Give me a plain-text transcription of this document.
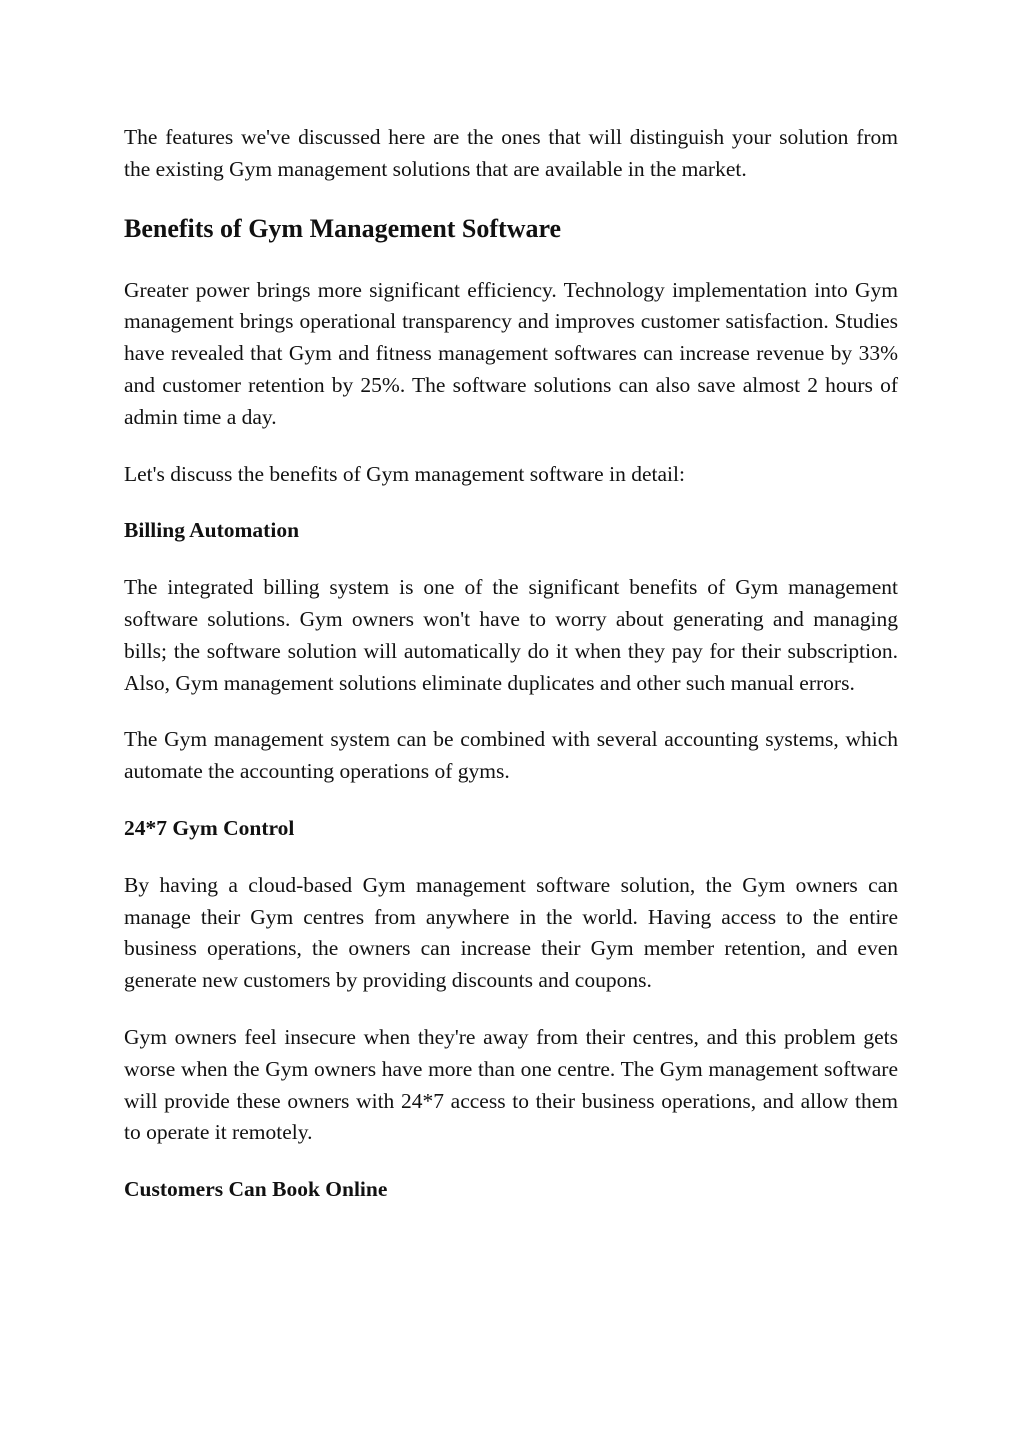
The features we've discussed here are the ones that will distinguish your solution from the existing Gym management solutions that are available in the market.

Benefits of Gym Management Software

Greater power brings more significant efficiency. Technology implementation into Gym management brings operational transparency and improves customer satisfaction. Studies have revealed that Gym and fitness management softwares can increase revenue by 33% and customer retention by 25%. The software solutions can also save almost 2 hours of admin time a day.

Let's discuss the benefits of Gym management software in detail:

Billing Automation

The integrated billing system is one of the significant benefits of Gym management software solutions. Gym owners won't have to worry about generating and managing bills; the software solution will automatically do it when they pay for their subscription. Also, Gym management solutions eliminate duplicates and other such manual errors.

The Gym management system can be combined with several accounting systems, which automate the accounting operations of gyms.

24*7 Gym Control

By having a cloud-based Gym management software solution, the Gym owners can manage their Gym centres from anywhere in the world. Having access to the entire business operations, the owners can increase their Gym member retention, and even generate new customers by providing discounts and coupons.

Gym owners feel insecure when they're away from their centres, and this problem gets worse when the Gym owners have more than one centre. The Gym management software will provide these owners with 24*7 access to their business operations, and allow them to operate it remotely.

Customers Can Book Online
